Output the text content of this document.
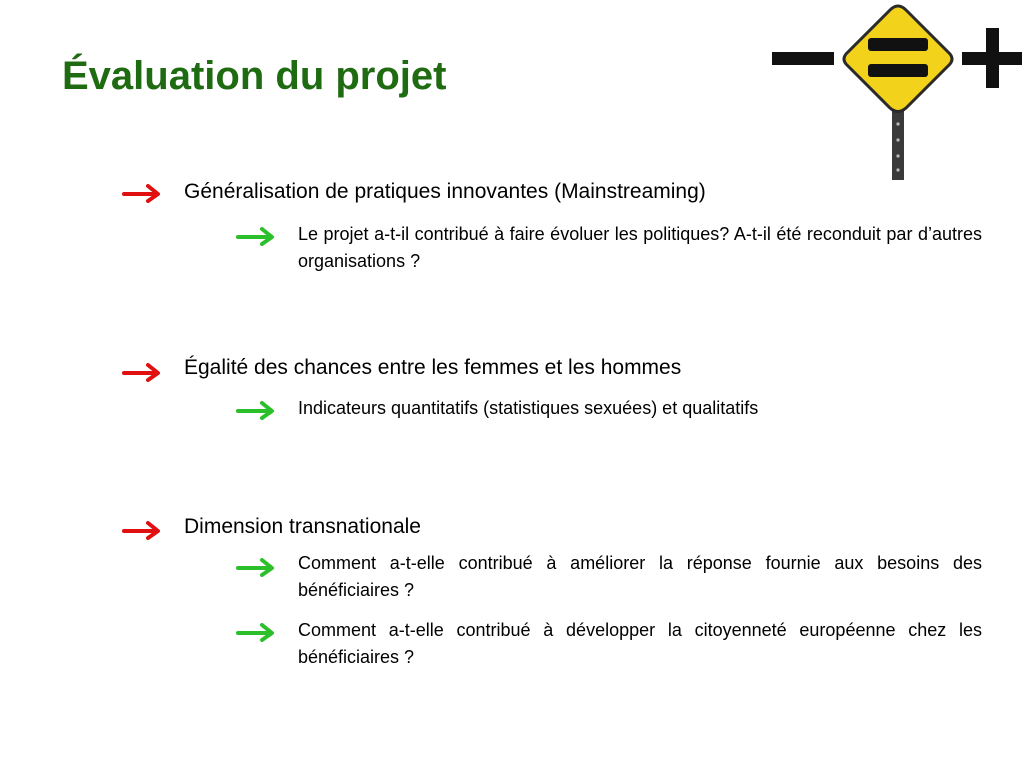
Évaluation du projet
Généralisation de pratiques innovantes (Mainstreaming)
Le projet a-t-il contribué à faire évoluer les politiques? A-t-il été reconduit par d’autres organisations ?
Égalité des chances entre les femmes et les hommes
Indicateurs quantitatifs (statistiques sexuées) et qualitatifs
Dimension transnationale
Comment a-t-elle contribué à améliorer la réponse fournie aux besoins des bénéficiaires ?
Comment a-t-elle contribué à développer la citoyenneté européenne chez les bénéficiaires ?
